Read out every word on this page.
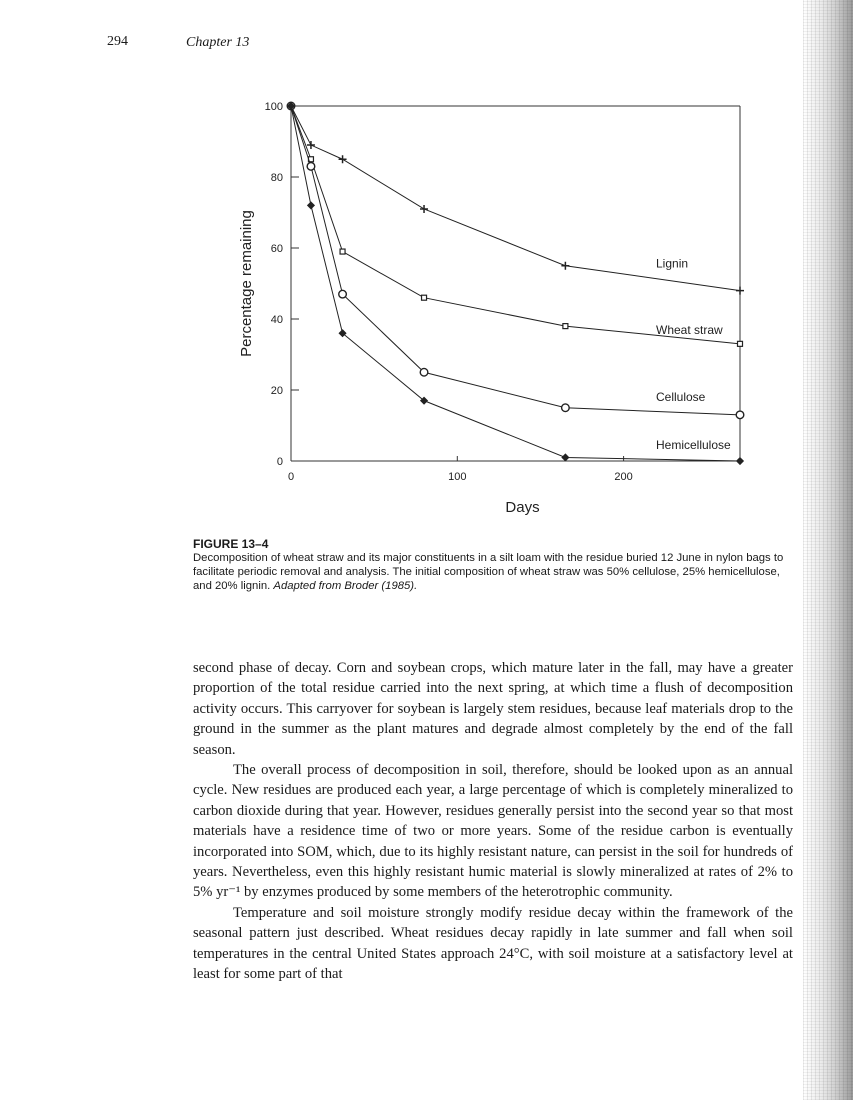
294	Chapter 13
0
20
40
60
80
100
0	100	200
Days
Percentage remaining	Lignin
Wheat straw
Cellulose
Hemicellulose
FIGURE 13–4
Decomposition of wheat straw and its major constituents in a silt loam with the residue buried 12 June in nylon bags to facilitate periodic removal and analysis. The initial composition of wheat straw was 50% cellulose, 25% hemicellulose, and 20% lignin. Adapted from Broder (1985).

second phase of decay. Corn and soybean crops, which mature later in the fall, may have a greater proportion of the total residue carried into the next spring, at which time a flush of decomposition activity occurs. This carryover for soybean is largely stem residues, because leaf materials drop to the ground in the summer as the plant matures and degrade almost completely by the end of the fall season.

The overall process of decomposition in soil, therefore, should be looked upon as an annual cycle. New residues are produced each year, a large percentage of which is completely mineralized to carbon dioxide during that year. However, residues generally persist into the second year so that most materials have a residence time of two or more years. Some of the residue carbon is eventually incorporated into SOM, which, due to its highly resistant nature, can persist in the soil for hundreds of years. Nevertheless, even this highly resistant humic material is slowly mineralized at rates of 2% to 5% yr⁻¹ by enzymes produced by some members of the heterotrophic community.

Temperature and soil moisture strongly modify residue decay within the framework of the seasonal pattern just described. Wheat residues decay rapidly in late summer and fall when soil temperatures in the central United States approach 24°C, with soil moisture at a satisfactory level at least for some part of that
